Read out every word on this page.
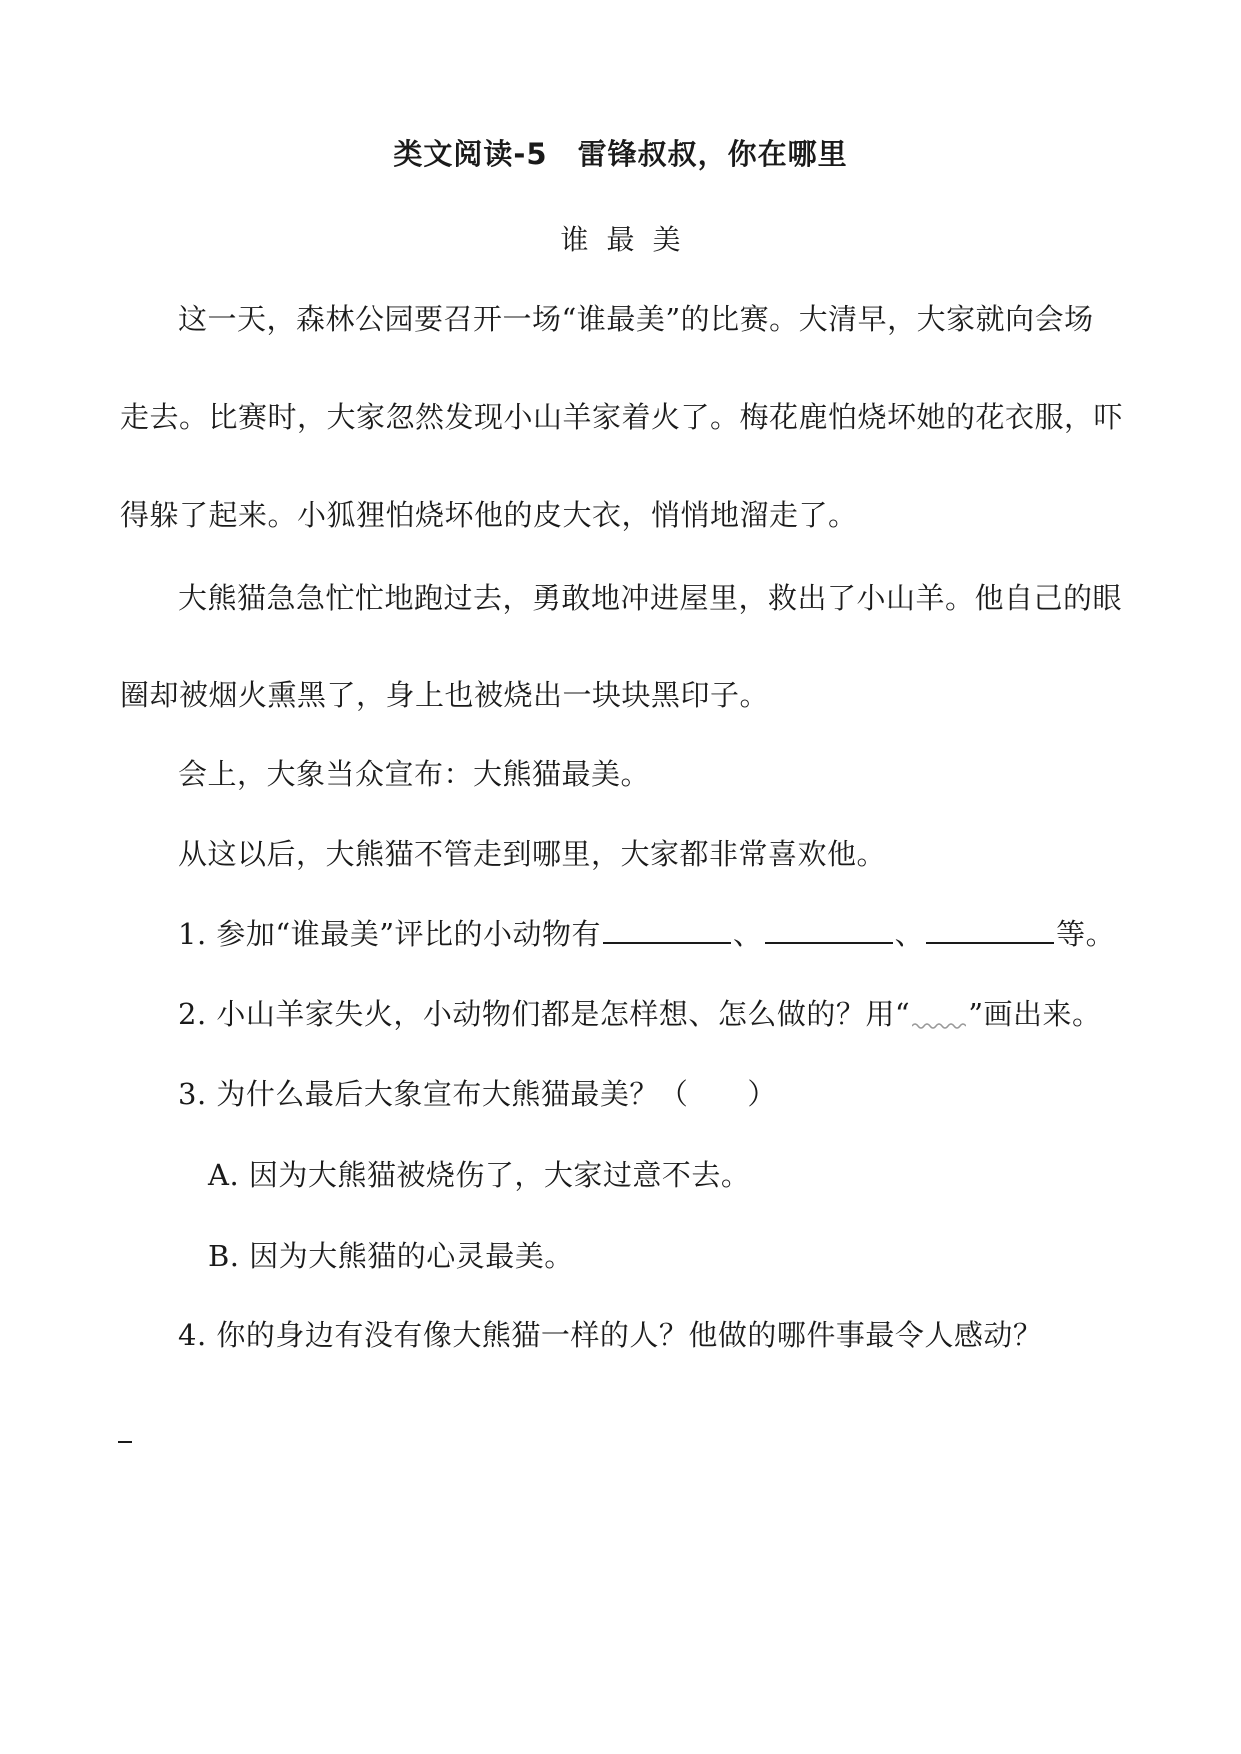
类文阅读-5　雷锋叔叔，你在哪里
谁最美
这一天，森林公园要召开一场“谁最美”的比赛。大清早，大家就向会场
走去。比赛时，大家忽然发现小山羊家着火了。梅花鹿怕烧坏她的花衣服，吓
得躲了起来。小狐狸怕烧坏他的皮大衣，悄悄地溜走了。
大熊猫急急忙忙地跑过去，勇敢地冲进屋里，救出了小山羊。他自己的眼
圈却被烟火熏黑了，身上也被烧出一块块黑印子。
会上，大象当众宣布：大熊猫最美。
从这以后，大熊猫不管走到哪里，大家都非常喜欢他。
1. 参加“谁最美”评比的小动物有	、	、	等。
2. 小山羊家失火，小动物们都是怎样想、怎么做的？用“ ”画出来。
3. 为什么最后大象宣布大熊猫最美？（　　）
A. 因为大熊猫被烧伤了，大家过意不去。
B. 因为大熊猫的心灵最美。
4. 你的身边有没有像大熊猫一样的人？他做的哪件事最令人感动？
